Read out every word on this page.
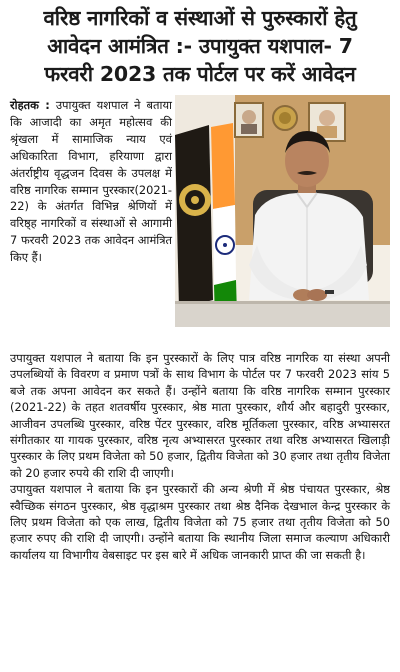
वरिष्ठ नागरिकों व संस्थाओं से पुरुस्कारों हेतु
आवेदन आमंत्रित :- उपायुक्त यशपाल- 7
फरवरी 2023 तक पोर्टल पर करें आवेदन
रोहतक : उपायुक्त यशपाल ने बताया कि आजादी का अमृत महोत्सव की श्रृंखला में सामाजिक न्याय एवं अधिकारिता विभाग, हरियाणा द्वारा अंतर्राष्ट्रीय वृद्धजन दिवस के उपलक्ष में वरिष्ठ नागरिक सम्मान पुरस्कार(2021-22) के अंतर्गत विभिन्न श्रेणियों में वरिष्ठ्ह नागरिकों व संस्थाओं से आगामी 7 फरवरी 2023 तक आवेदन आमंत्रित किए हैं।

उपायुक्त यशपाल ने बताया कि इन पुरस्कारों के लिए पात्र वरिष्ठ नागरिक या संस्था अपनी उपलब्धियों के विवरण व प्रमाण पत्रों के साथ विभाग के पोर्टल पर 7 फरवरी 2023 सांय 5 बजे तक अपना आवेदन कर सकते हैं। उन्होंने बताया कि वरिष्ठ नागरिक सम्मान पुरस्कार (2021-22) के तहत शतवर्षीय पुरस्कार, श्रेष्ठ माता पुरस्कार, शौर्य और बहादुरी पुरस्कार, आजीवन उपलब्धि पुरस्कार, वरिष्ठ पेंटर पुरस्कार, वरिष्ठ मूर्तिकला पुरस्कार, वरिष्ठ अभ्यासरत संगीतकार या गायक पुरस्कार, वरिष्ठ नृत्य अभ्यासरत पुरस्कार तथा वरिष्ठ अभ्यासरत खिलाड़ी पुरस्कार के लिए प्रथम विजेता को 50 हजार, द्वितीय विजेता को 30 हजार तथा तृतीय विजेता को 20 हजार रुपये की राशि दी जाएगी।

उपायुक्त यशपाल ने बताया कि इन पुरस्कारों की अन्य श्रेणी में श्रेष्ठ पंचायत पुरस्कार, श्रेष्ठ स्वैच्छिक संगठन पुरस्कार, श्रेष्ठ वृद्धाश्रम पुरस्कार तथा श्रेष्ठ दैनिक देखभाल केन्द्र पुरस्कार के लिए प्रथम विजेता को एक लाख, द्वितीय विजेता को 75 हजार तथा तृतीय विजेता को 50 हजार रुपए की राशि दी जाएगी। उन्होंने बताया कि स्थानीय जिला समाज कल्याण अधिकारी कार्यालय या विभागीय वेबसाइट पर इस बारे में अधिक जानकारी प्राप्त की जा सकती है।
